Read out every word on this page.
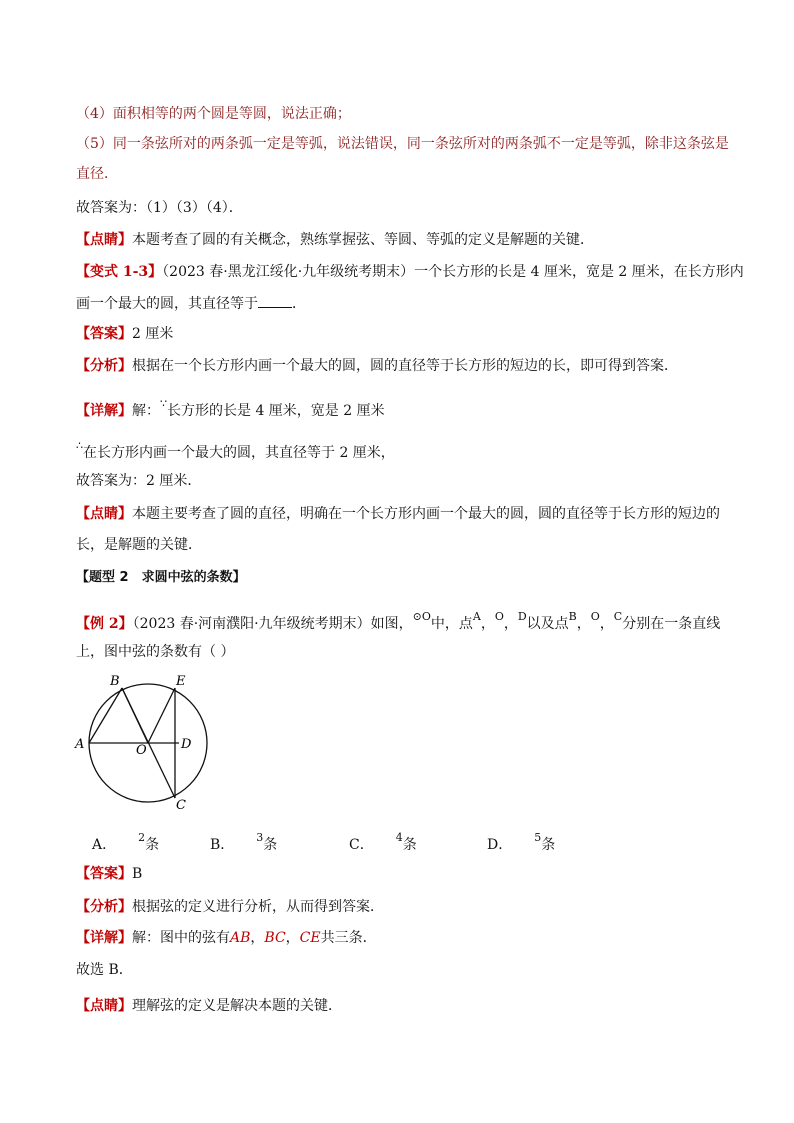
（4）面积相等的两个圆是等圆，说法正确；
（5）同一条弦所对的两条弧一定是等弧，说法错误，同一条弦所对的两条弧不一定是等弧，除非这条弦是
直径．
故答案为：（1）（3）（4）．
【点睛】本题考查了圆的有关概念，熟练掌握弦、等圆、等弧的定义是解题的关键．
【变式 1-3】（2023 春·黑龙江绥化·九年级统考期末）一个长方形的长是 4 厘米，宽是 2 厘米，在长方形内
画一个最大的圆，其直径等于 ．
【答案】2 厘米
【分析】根据在一个长方形内画一个最大的圆，圆的直径等于长方形的短边的长，即可得到答案．
【详解】解：∵长方形的长是 4 厘米，宽是 2 厘米
∴在长方形内画一个最大的圆，其直径等于 2 厘米，
故答案为：2 厘米．
【点睛】本题主要考查了圆的直径，明确在一个长方形内画一个最大的圆，圆的直径等于长方形的短边的
长，是解题的关键．
【题型 2　求圆中弦的条数】
【例 2】（2023 春·河南濮阳·九年级统考期末）如图，$^{⊙O}$中，点$^A$，$^O$，$^D$以及点$^B$，$^O$，$^C$分别在一条直线
上，图中弦的条数有（ ）
B	E
A	O	D
C
A． $^2$条	B． $^3$条	C． $^4$条	D． $^5$条
【答案】B
【分析】根据弦的定义进行分析，从而得到答案．
【详解】解：图中的弦有AB，BC，CE共三条．
故选 B．
【点睛】理解弦的定义是解决本题的关键．
